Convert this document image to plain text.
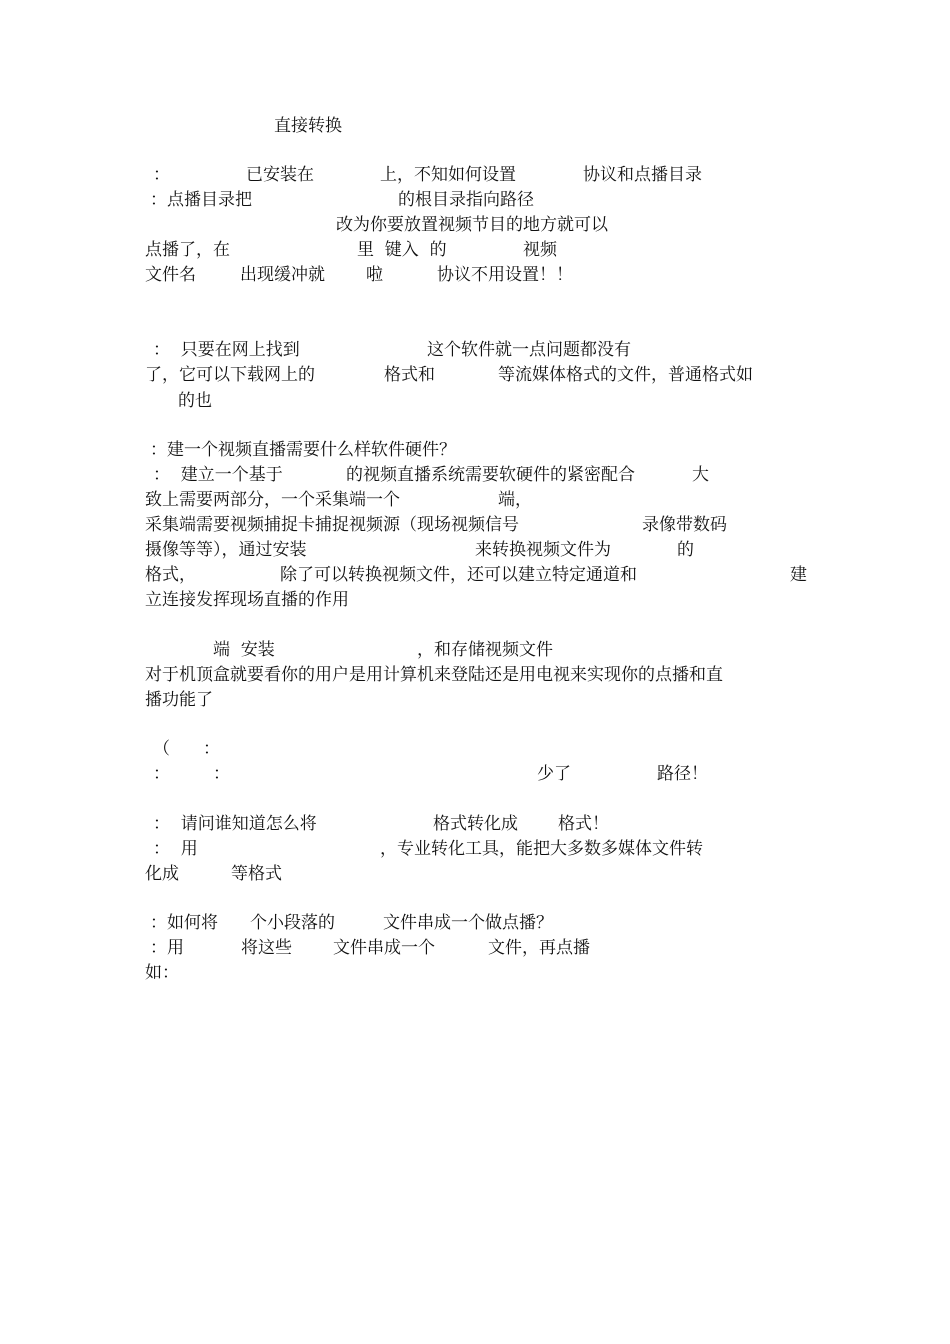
直接转换
：	已安装在	上，不知如何设置	协议和点播目录
：点播目录把	的根目录指向路径
改为你要放置视频节目的地方就可以
点播了，在	里  键入  的	视频
文件名	出现缓冲就 啦	协议不用设置！！
：  只要在网上找到	这个软件就一点问题都没有
了，它可以下载网上的	格式和	等流媒体格式的文件，普通格式如
的也
：建一个视频直播需要什么样软件硬件？
：  建立一个基于	的视频直播系统需要软硬件的紧密配合	大
致上需要两部分，一个采集端一个	端，
采集端需要视频捕捉卡捕捉视频源（现场视频信号	录像带数码
摄像等等），通过安装	来转换视频文件为	的
格式，	除了可以转换视频文件，还可以建立特定通道和	建
立连接发挥现场直播的作用
端  安装	，和存储视频文件
对于机顶盒就要看你的用户是用计算机来登陆还是用电视来实现你的点播和直
播功能了
（ ：
：	：	少了	路径！
：  请问谁知道怎么将	格式转化成 格式！
：  用	，专业转化工具，能把大多数多媒体文件转
化成	等格式
：如何将 个小段落的	文件串成一个做点播？
：用	将这些 文件串成一个	文件，再点播
如：
